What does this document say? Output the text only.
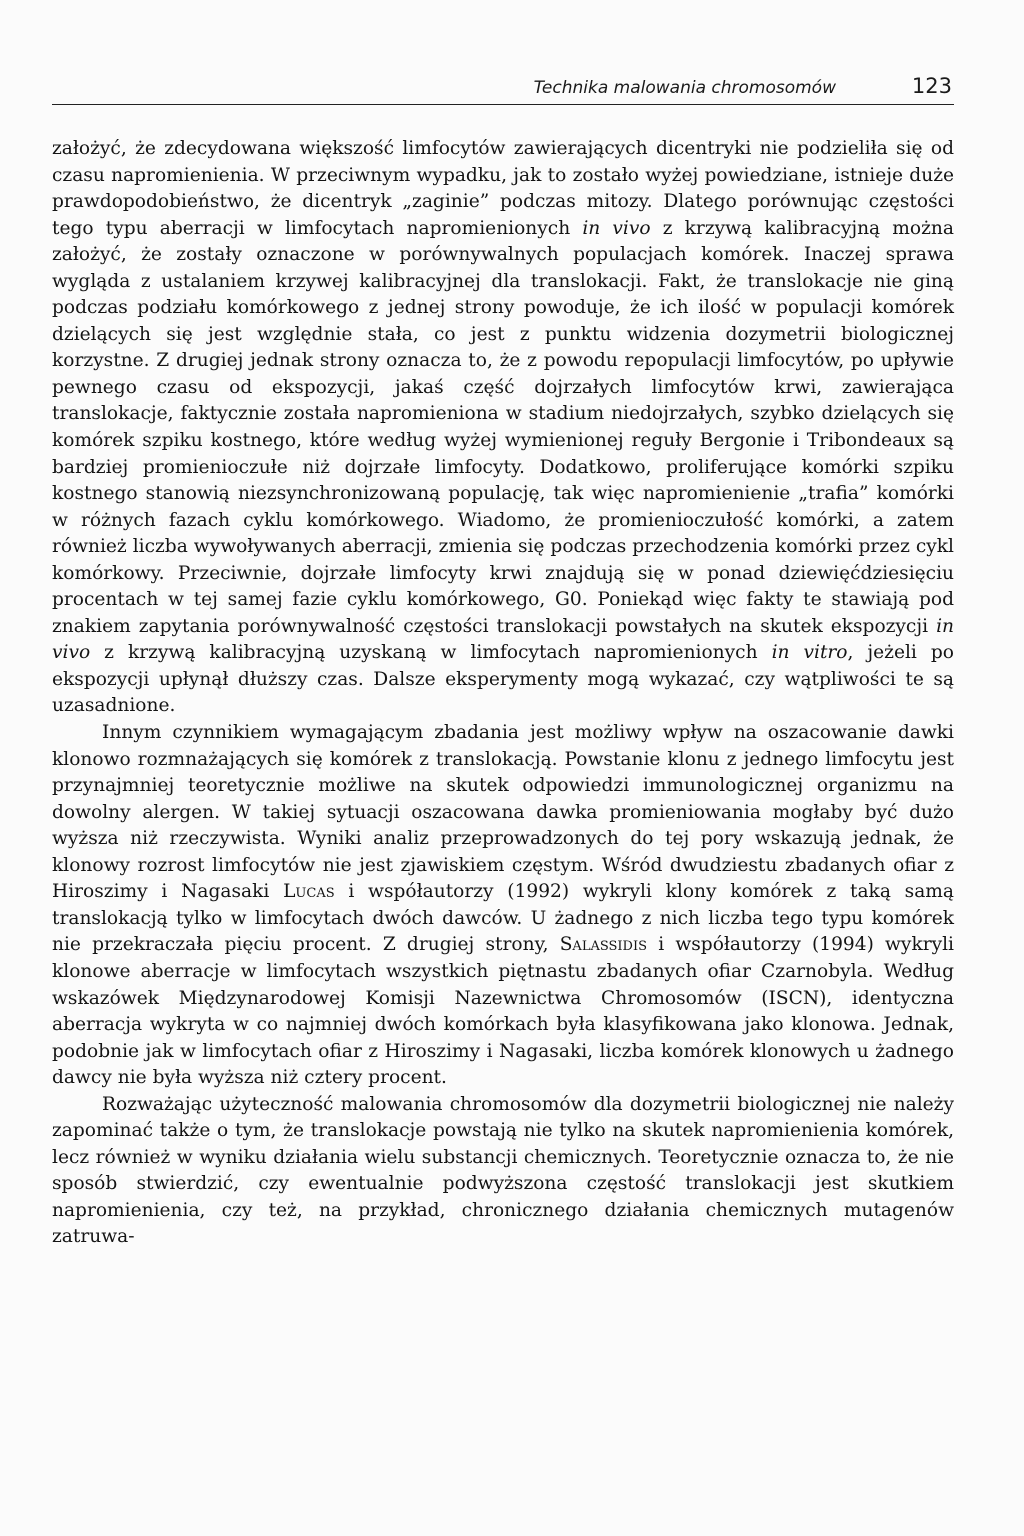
Technika malowania chromosomów	123

założyć, że zdecydowana większość limfocytów zawierających dicentryki nie podzieliła się od czasu napromienienia. W przeciwnym wypadku, jak to zostało wyżej powiedziane, istnieje duże prawdopodobieństwo, że dicentryk „zaginie” podczas mitozy. Dlatego porównując częstości tego typu aberracji w limfocytach napromienionych in vivo z krzywą kalibracyjną można założyć, że zostały oznaczone w porównywalnych populacjach komórek. Inaczej sprawa wygląda z ustalaniem krzywej kalibracyjnej dla translokacji. Fakt, że translokacje nie giną podczas podziału komórkowego z jednej strony powoduje, że ich ilość w populacji komórek dzielących się jest względnie stała, co jest z punktu widzenia dozymetrii biologicznej korzystne. Z drugiej jednak strony oznacza to, że z powodu repopulacji limfocytów, po upływie pewnego czasu od ekspozycji, jakaś część dojrzałych limfocytów krwi, zawierająca translokacje, faktycznie została napromieniona w stadium niedojrzałych, szybko dzielących się komórek szpiku kostnego, które według wyżej wymienionej reguły Bergonie i Tribondeaux są bardziej promienioczułe niż dojrzałe limfocyty. Dodatkowo, proliferujące komórki szpiku kostnego stanowią niezsynchronizowaną populację, tak więc napromienienie „trafia” komórki w różnych fazach cyklu komórkowego. Wiadomo, że promienioczułość komórki, a zatem również liczba wywoływanych aberracji, zmienia się podczas przechodzenia komórki przez cykl komórkowy. Przeciwnie, dojrzałe limfocyty krwi znajdują się w ponad dziewięćdziesięciu procentach w tej samej fazie cyklu komórkowego, G0. Poniekąd więc fakty te stawiają pod znakiem zapytania porównywalność częstości translokacji powstałych na skutek ekspozycji in vivo z krzywą kalibracyjną uzyskaną w limfocytach napromienionych in vitro, jeżeli po ekspozycji upłynął dłuższy czas. Dalsze eksperymenty mogą wykazać, czy wątpliwości te są uzasadnione.

Innym czynnikiem wymagającym zbadania jest możliwy wpływ na oszacowanie dawki klonowo rozmnażających się komórek z translokacją. Powstanie klonu z jednego limfocytu jest przynajmniej teoretycznie możliwe na skutek odpowiedzi immunologicznej organizmu na dowolny alergen. W takiej sytuacji oszacowana dawka promieniowania mogłaby być dużo wyższa niż rzeczywista. Wyniki analiz przeprowadzonych do tej pory wskazują jednak, że klonowy rozrost limfocytów nie jest zjawiskiem częstym. Wśród dwudziestu zbadanych ofiar z Hiroszimy i Nagasaki Lucas i współautorzy (1992) wykryli klony komórek z taką samą translokacją tylko w limfocytach dwóch dawców. U żadnego z nich liczba tego typu komórek nie przekraczała pięciu procent. Z drugiej strony, Salassidis i współautorzy (1994) wykryli klonowe aberracje w limfocytach wszystkich piętnastu zbadanych ofiar Czarnobyla. Według wskazówek Międzynarodowej Komisji Nazewnictwa Chromosomów (ISCN), identyczna aberracja wykryta w co najmniej dwóch komórkach była klasyfikowana jako klonowa. Jednak, podobnie jak w limfocytach ofiar z Hiroszimy i Nagasaki, liczba komórek klonowych u żadnego dawcy nie była wyższa niż cztery procent.

Rozważając użyteczność malowania chromosomów dla dozymetrii biologicznej nie należy zapominać także o tym, że translokacje powstają nie tylko na skutek napromienienia komórek, lecz również w wyniku działania wielu substancji chemicznych. Teoretycznie oznacza to, że nie sposób stwierdzić, czy ewentualnie podwyższona częstość translokacji jest skutkiem napromienienia, czy też, na przykład, chronicznego działania chemicznych mutagenów zatruwa-
